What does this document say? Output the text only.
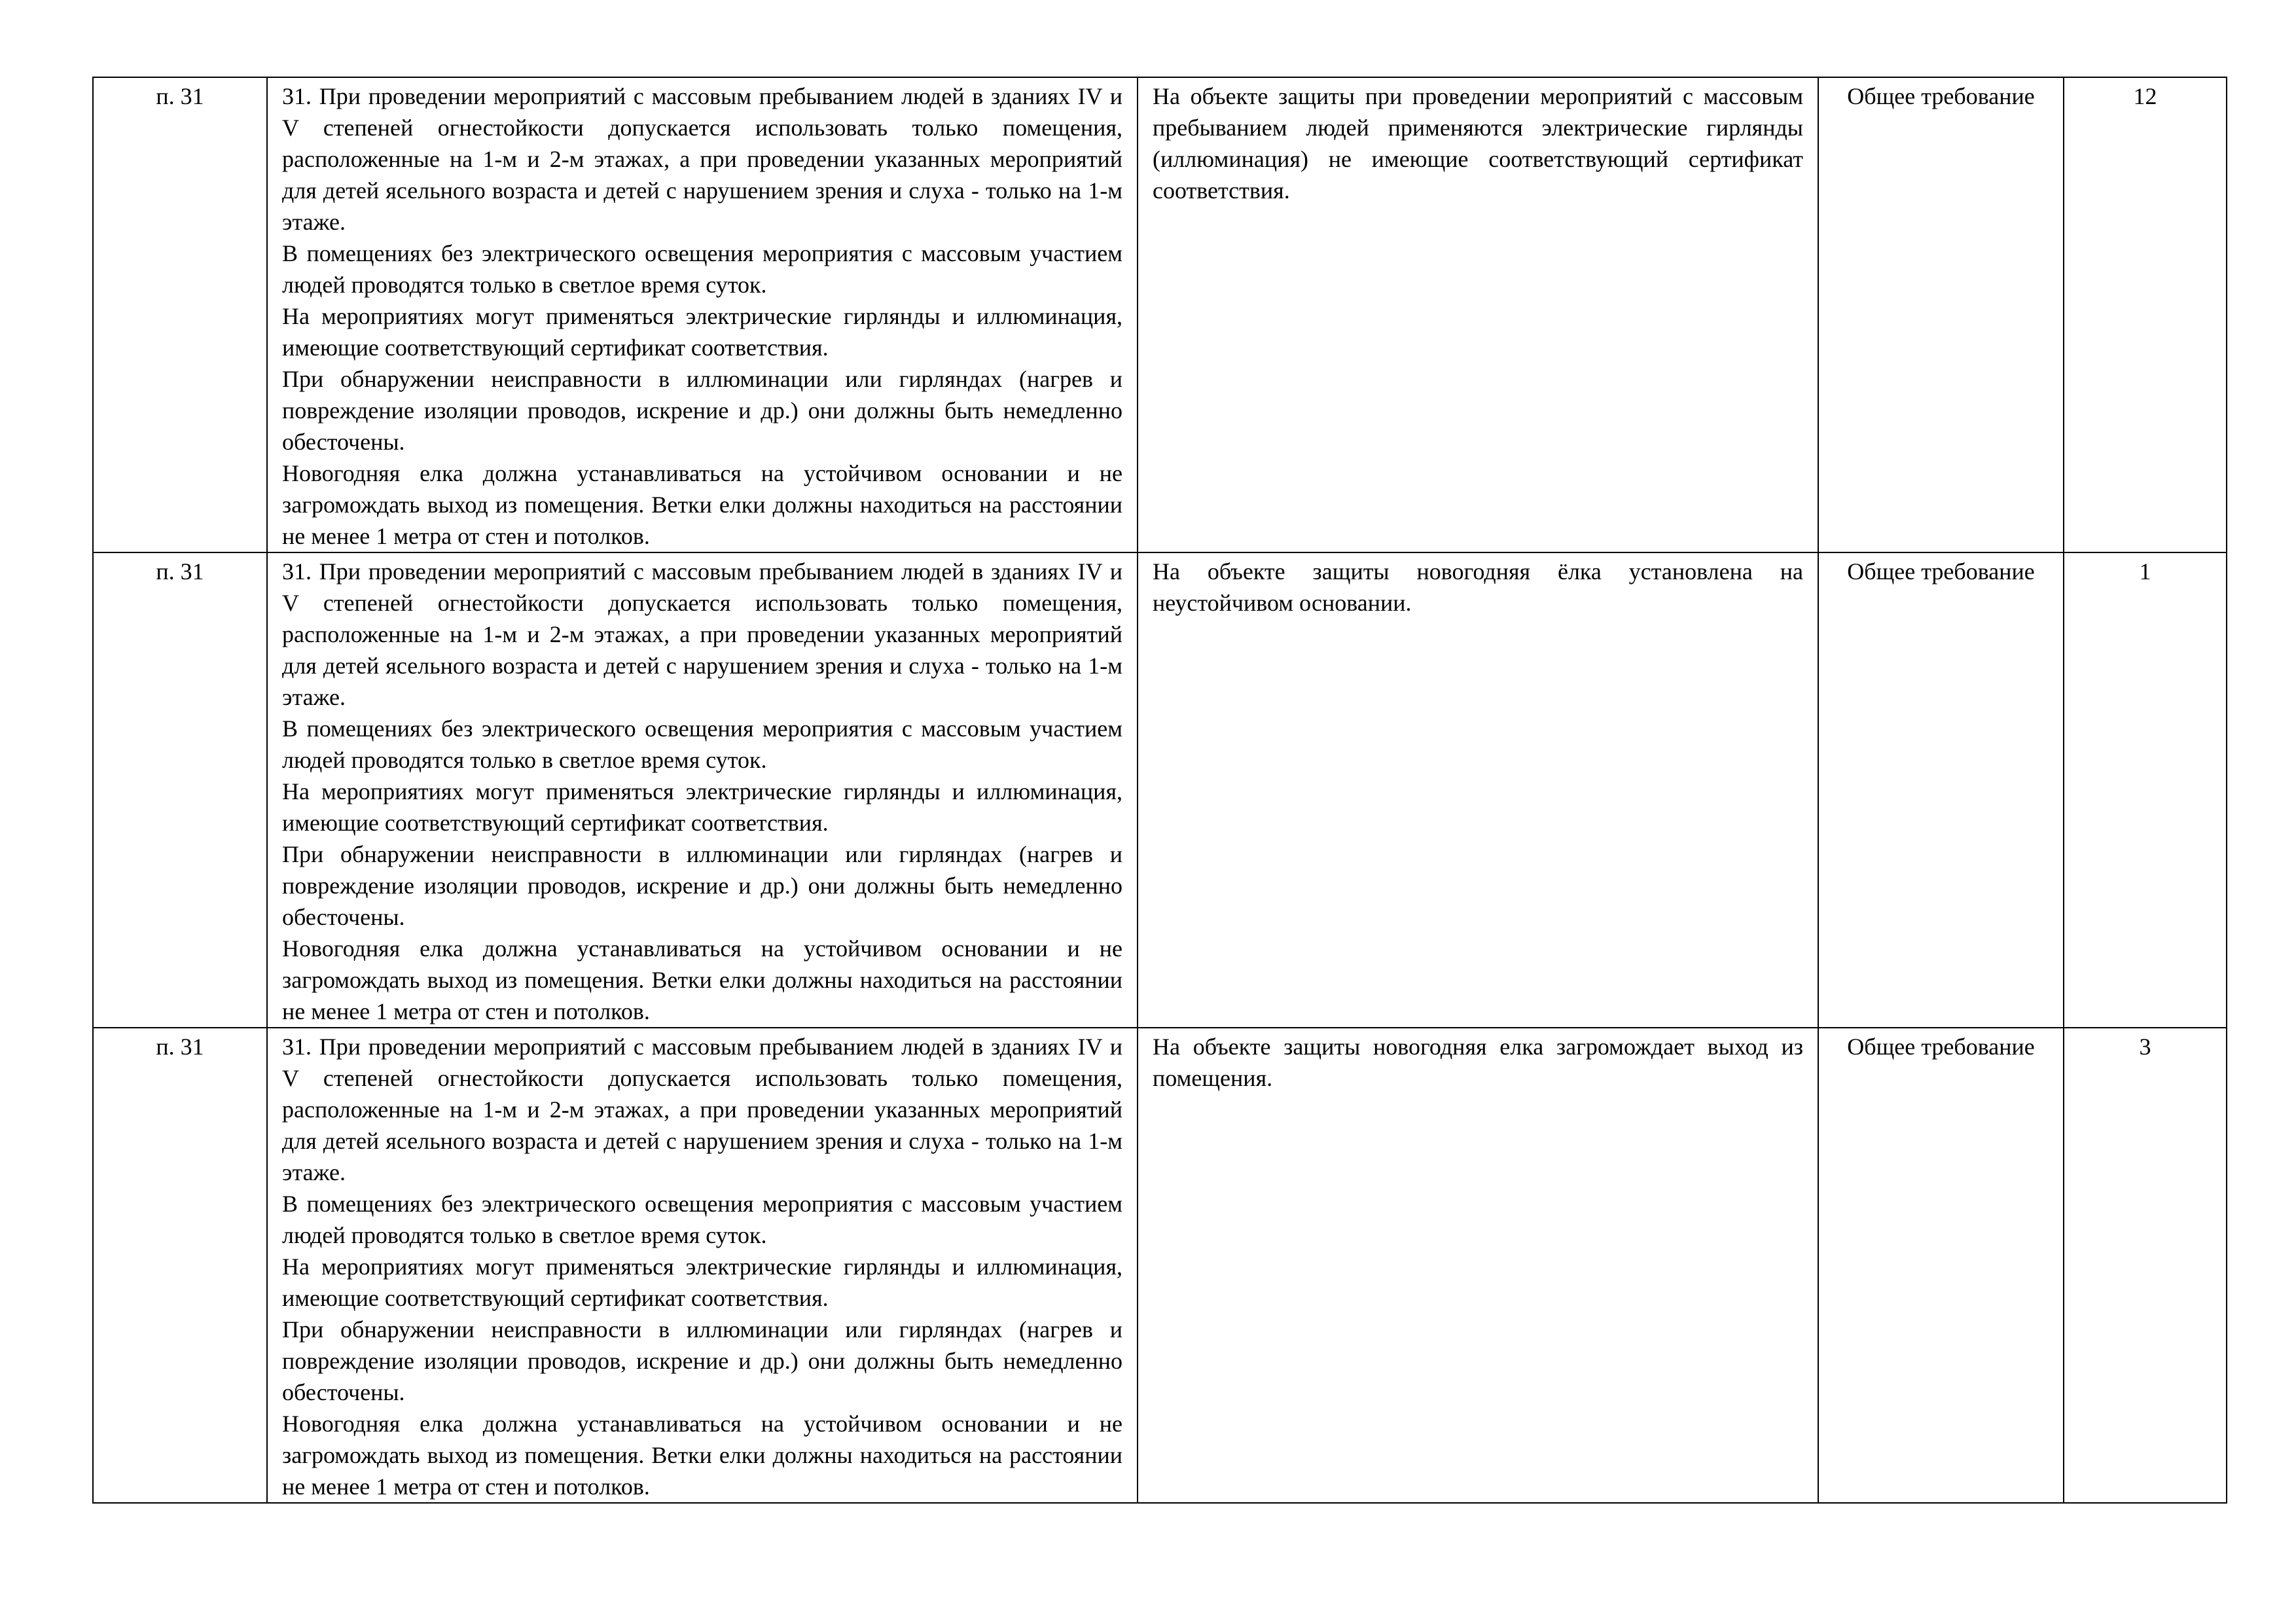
п. 31	31. При проведении мероприятий с массовым пребыванием людей в зданиях IV и V степеней огнестойкости допускается использовать только помещения, расположенные на 1-м и 2-м этажах, а при проведении указанных мероприятий для детей ясельного возраста и детей с нарушением зрения и слуха - только на 1-м этаже.

В помещениях без электрического освещения мероприятия с массовым участием людей проводятся только в светлое время суток.

На мероприятиях могут применяться электрические гирлянды и иллюминация, имеющие соответствующий сертификат соответствия.

При обнаружении неисправности в иллюминации или гирляндах (нагрев и повреждение изоляции проводов, искрение и др.) они должны быть немедленно обесточены.

Новогодняя елка должна устанавливаться на устойчивом основании и не загромождать выход из помещения. Ветки елки должны находиться на расстоянии не менее 1 метра от стен и потолков.	На объекте защиты при проведении мероприятий с массовым пребыванием людей применяются электрические гирлянды (иллюминация) не имеющие соответствующий сертификат соответствия.	Общее требование	12
п. 31	31. При проведении мероприятий с массовым пребыванием людей в зданиях IV и V степеней огнестойкости допускается использовать только помещения, расположенные на 1-м и 2-м этажах, а при проведении указанных мероприятий для детей ясельного возраста и детей с нарушением зрения и слуха - только на 1-м этаже.

В помещениях без электрического освещения мероприятия с массовым участием людей проводятся только в светлое время суток.

На мероприятиях могут применяться электрические гирлянды и иллюминация, имеющие соответствующий сертификат соответствия.

При обнаружении неисправности в иллюминации или гирляндах (нагрев и повреждение изоляции проводов, искрение и др.) они должны быть немедленно обесточены.

Новогодняя елка должна устанавливаться на устойчивом основании и не загромождать выход из помещения. Ветки елки должны находиться на расстоянии не менее 1 метра от стен и потолков.	На объекте защиты новогодняя ёлка установлена на неустойчивом основании.	Общее требование	1
п. 31	31. При проведении мероприятий с массовым пребыванием людей в зданиях IV и V степеней огнестойкости допускается использовать только помещения, расположенные на 1-м и 2-м этажах, а при проведении указанных мероприятий для детей ясельного возраста и детей с нарушением зрения и слуха - только на 1-м этаже.

В помещениях без электрического освещения мероприятия с массовым участием людей проводятся только в светлое время суток.

На мероприятиях могут применяться электрические гирлянды и иллюминация, имеющие соответствующий сертификат соответствия.

При обнаружении неисправности в иллюминации или гирляндах (нагрев и повреждение изоляции проводов, искрение и др.) они должны быть немедленно обесточены.

Новогодняя елка должна устанавливаться на устойчивом основании и не загромождать выход из помещения. Ветки елки должны находиться на расстоянии не менее 1 метра от стен и потолков.	На объекте защиты новогодняя елка загромождает выход из помещения.	Общее требование	3
